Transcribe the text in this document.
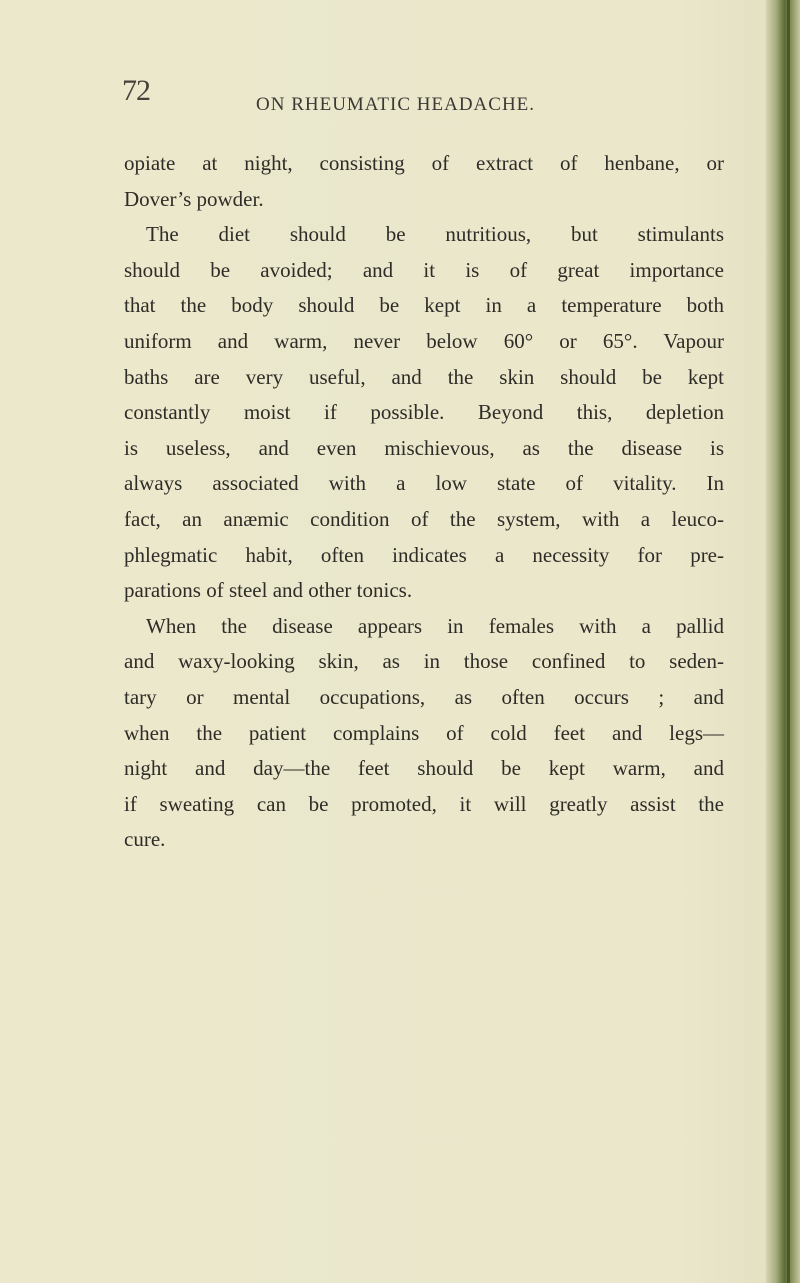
72	ON RHEUMATIC HEADACHE.
opiate at night, consisting of extract of henbane, or
Dover’s powder.
The diet should be nutritious, but stimulants
should be avoided; and it is of great importance
that the body should be kept in a temperature both
uniform and warm, never below 60° or 65°. Vapour
baths are very useful, and the skin should be kept
constantly moist if possible. Beyond this, depletion
is useless, and even mischievous, as the disease is
always associated with a low state of vitality. In
fact, an anæmic condition of the system, with a leuco-
phlegmatic habit, often indicates a necessity for pre-
parations of steel and other tonics.
When the disease appears in females with a pallid
and waxy-looking skin, as in those confined to seden-
tary or mental occupations, as often occurs ; and
when the patient complains of cold feet and legs—
night and day—the feet should be kept warm, and
if sweating can be promoted, it will greatly assist the
cure.
